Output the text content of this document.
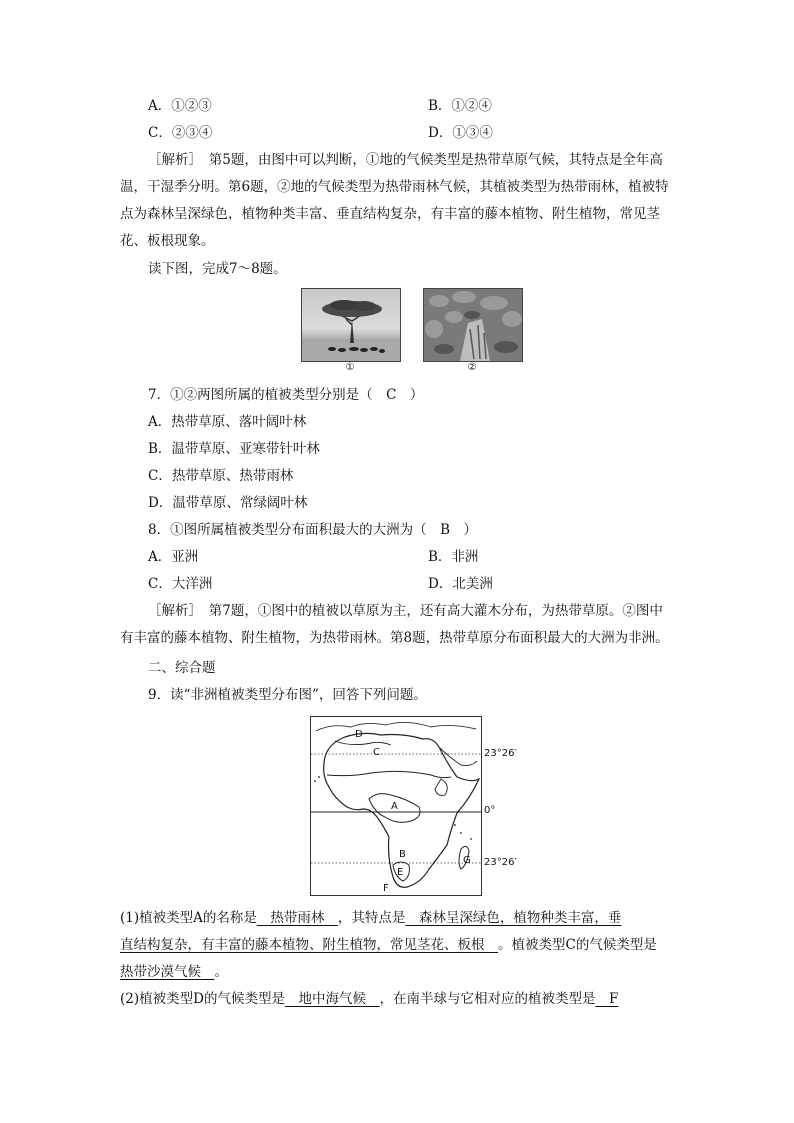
A．①②③	B．①②④
C．②③④	D．①③④
［解析］　第5题，由图中可以判断，①地的气候类型是热带草原气候，其特点是全年高温，干湿季分明。第6题，②地的气候类型为热带雨林气候，其植被类型为热带雨林，植被特点为森林呈深绿色，植物种类丰富、垂直结构复杂，有丰富的藤本植物、附生植物，常见茎花、板根现象。
读下图，完成7～8题。
①	②
7．①②两图所属的植被类型分别是（　C　）
A．热带草原、落叶阔叶林
B．温带草原、亚寒带针叶林
C．热带草原、热带雨林
D．温带草原、常绿阔叶林
8．①图所属植被类型分布面积最大的大洲为（　B　）
A．亚洲	B．非洲
C．大洋洲	D．北美洲
［解析］　第7题，①图中的植被以草原为主，还有高大灌木分布，为热带草原。②图中有丰富的藤本植物、附生植物，为热带雨林。第8题，热带草原分布面积最大的大洲为非洲。
二、综合题
9．读“非洲植被类型分布图”，回答下列问题。
D
C
A
B
E
F
G
23°26′
0°
23°26′
(1)植被类型A的名称是　热带雨林　，其特点是　森林呈深绿色，植物种类丰富，垂
直结构复杂，有丰富的藤本植物、附生植物，常见茎花、板根　。植被类型C的气候类型是
热带沙漠气候　。
(2)植被类型D的气候类型是　地中海气候　，在南半球与它相对应的植被类型是　F
